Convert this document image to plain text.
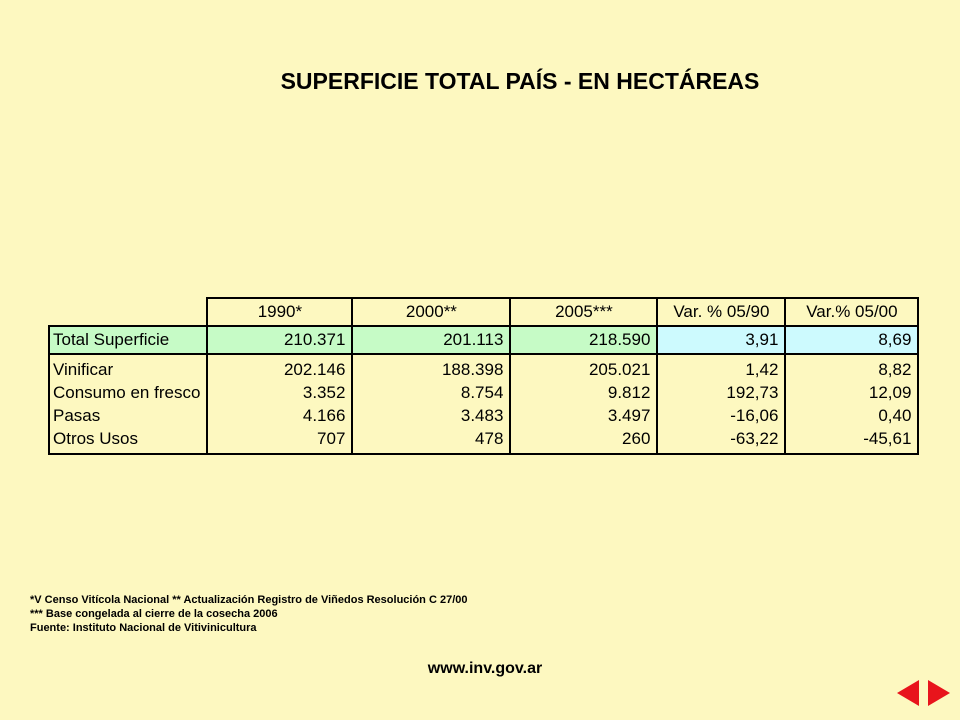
SUPERFICIE TOTAL PAÍS - EN HECTÁREAS
	1990*	2000**	2005***	Var. % 05/90	Var.% 05/00
Total Superficie	210.371	201.113	218.590	3,91	8,69
Vinificar	202.146	188.398	205.021	1,42	8,82
Consumo en fresco	3.352	8.754	9.812	192,73	12,09
Pasas	4.166	3.483	3.497	-16,06	0,40
Otros Usos	707	478	260	-63,22	-45,61
*V Censo Vitícola Nacional ** Actualización Registro de Viñedos Resolución C 27/00
*** Base congelada al cierre de la cosecha 2006
Fuente: Instituto Nacional de Vitivinicultura
www.inv.gov.ar
